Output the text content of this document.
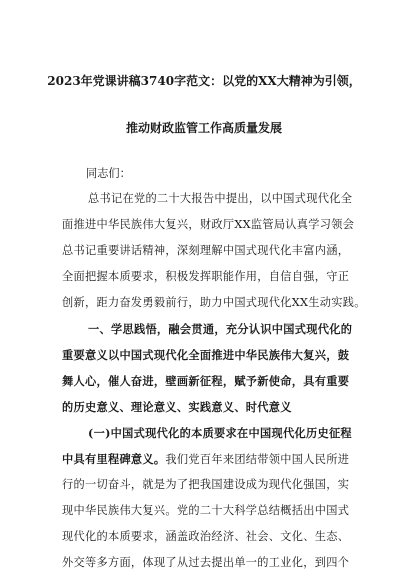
2023年党课讲稿3740字范文：以党的XX大精神为引领，
推动财政监管工作高质量发展
同志们：
总书记在党的二十大报告中提出，以中国式现代化全
面推进中华民族伟大复兴，财政厅XX监管局认真学习领会
总书记重要讲话精神，深刻理解中国式现代化丰富内涵，
全面把握本质要求，积极发挥职能作用，自信自强，守正
创新，距力奋发勇毅前行，助力中国式现代化XX生动实践。
一、学思践悟，融会贯通，充分认识中国式现代化的
重要意义以中国式现代化全面推进中华民族伟大复兴，鼓
舞人心，催人奋进，壁画新征程，赋予新使命，具有重要
的历史意义、理论意义、实践意义、时代意义
(一)中国式现代化的本质要求在中国现代化历史征程
中具有里程碑意义。我们党百年来团结带领中国人民所进
行的一切奋斗，就是为了把我国建设成为现代化强国，实
现中华民族伟大复兴。党的二十大科学总结概括出中国式
现代化的本质要求，涵盖政治经济、社会、文化、生态、
外交等多方面，体现了从过去提出单一的工业化，到四个
